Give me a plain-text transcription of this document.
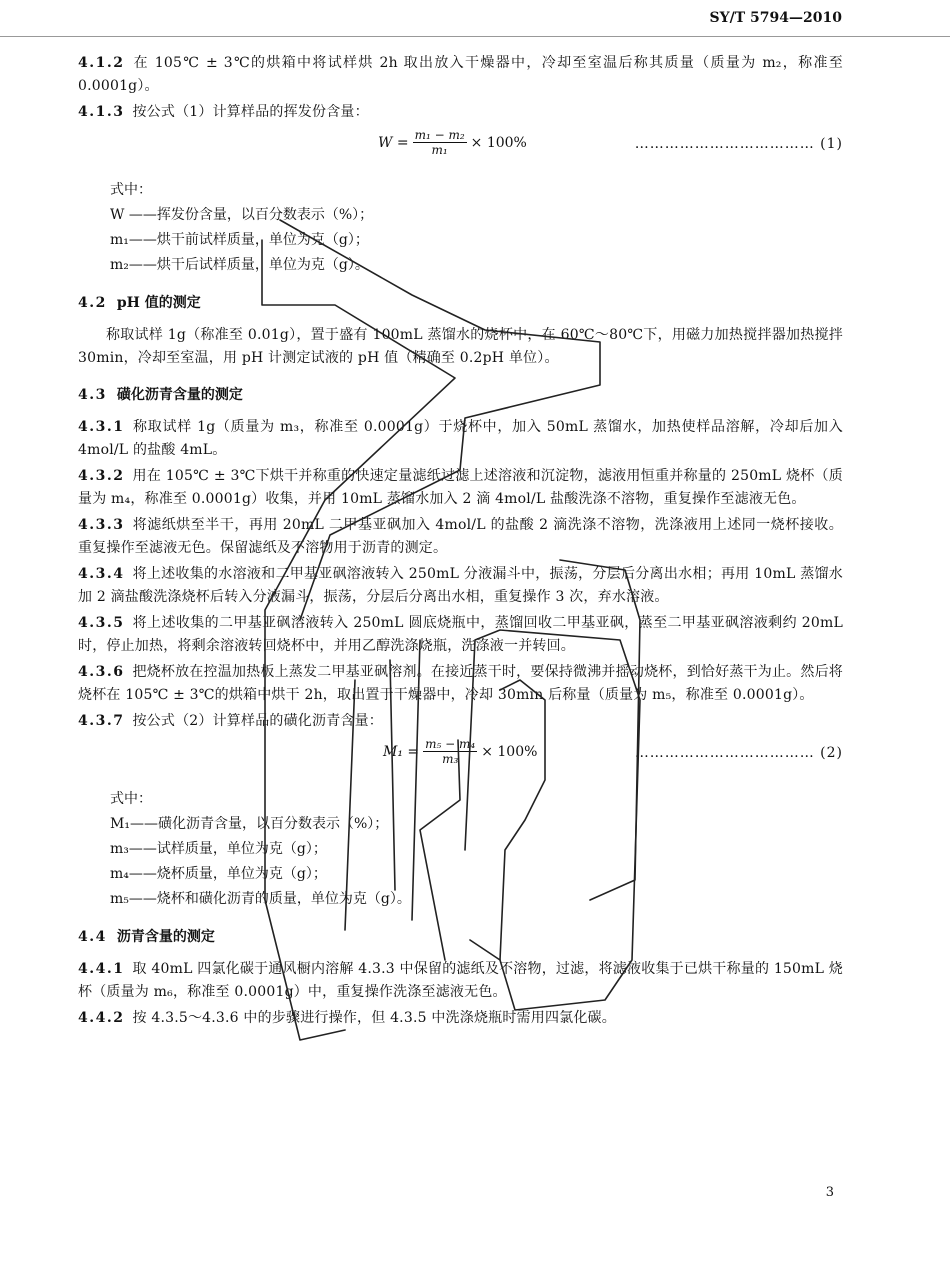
SY/T 5794—2010

4.1.2 在 105℃ ± 3℃的烘箱中将试样烘 2h 取出放入干燥器中，冷却至室温后称其质量（质量为 m₂，称准至 0.0001g）。

4.1.3 按公式（1）计算样品的挥发份含量：

$W = \frac{\text{m₁ − m₂}}{\text{m₁}} \times 100\%$	……………………………… (1)
式中：
W ——挥发份含量，以百分数表示（%）；
m₁——烘干前试样质量，单位为克（g）；
m₂——烘干后试样质量，单位为克（g）。
4.2 pH 值的测定

称取试样 1g（称准至 0.01g），置于盛有 100mL 蒸馏水的烧杯中，在 60℃～80℃下，用磁力加热搅拌器加热搅拌 30min，冷却至室温，用 pH 计测定试液的 pH 值（精确至 0.2pH 单位）。

4.3 磺化沥青含量的测定

4.3.1 称取试样 1g（质量为 m₃，称准至 0.0001g）于烧杯中，加入 50mL 蒸馏水，加热使样品溶解，冷却后加入 4mol/L 的盐酸 4mL。

4.3.2 用在 105℃ ± 3℃下烘干并称重的快速定量滤纸过滤上述溶液和沉淀物，滤液用恒重并称量的 250mL 烧杯（质量为 m₄，称准至 0.0001g）收集，并用 10mL 蒸馏水加入 2 滴 4mol/L 盐酸洗涤不溶物，重复操作至滤液无色。

4.3.3 将滤纸烘至半干，再用 20mL 二甲基亚砜加入 4mol/L 的盐酸 2 滴洗涤不溶物，洗涤液用上述同一烧杯接收。重复操作至滤液无色。保留滤纸及不溶物用于沥青的测定。

4.3.4 将上述收集的水溶液和二甲基亚砜溶液转入 250mL 分液漏斗中，振荡，分层后分离出水相；再用 10mL 蒸馏水加 2 滴盐酸洗涤烧杯后转入分液漏斗，振荡，分层后分离出水相，重复操作 3 次，弃水溶液。

4.3.5 将上述收集的二甲基亚砜溶液转入 250mL 圆底烧瓶中，蒸馏回收二甲基亚砜，蒸至二甲基亚砜溶液剩约 20mL 时，停止加热，将剩余溶液转回烧杯中，并用乙醇洗涤烧瓶，洗涤液一并转回。

4.3.6 把烧杯放在控温加热板上蒸发二甲基亚砜溶剂。在接近蒸干时，要保持微沸并摇动烧杯，到恰好蒸干为止。然后将烧杯在 105℃ ± 3℃的烘箱中烘干 2h，取出置于干燥器中，冷却 30min 后称量（质量为 m₅，称准至 0.0001g）。

4.3.7 按公式（2）计算样品的磺化沥青含量：

$M_1 = \frac{\text{m₅ − m₄}}{\text{m₃}} \times 100\%$	……………………………… (2)
式中：
M₁——磺化沥青含量，以百分数表示（%）；
m₃——试样质量，单位为克（g）；
m₄——烧杯质量，单位为克（g）；
m₅——烧杯和磺化沥青的质量，单位为克（g）。
4.4 沥青含量的测定

4.4.1 取 40mL 四氯化碳于通风橱内溶解 4.3.3 中保留的滤纸及不溶物，过滤，将滤液收集于已烘干称量的 150mL 烧杯（质量为 m₆，称准至 0.0001g）中，重复操作洗涤至滤液无色。

4.4.2 按 4.3.5～4.3.6 中的步骤进行操作，但 4.3.5 中洗涤烧瓶时需用四氯化碳。

3
